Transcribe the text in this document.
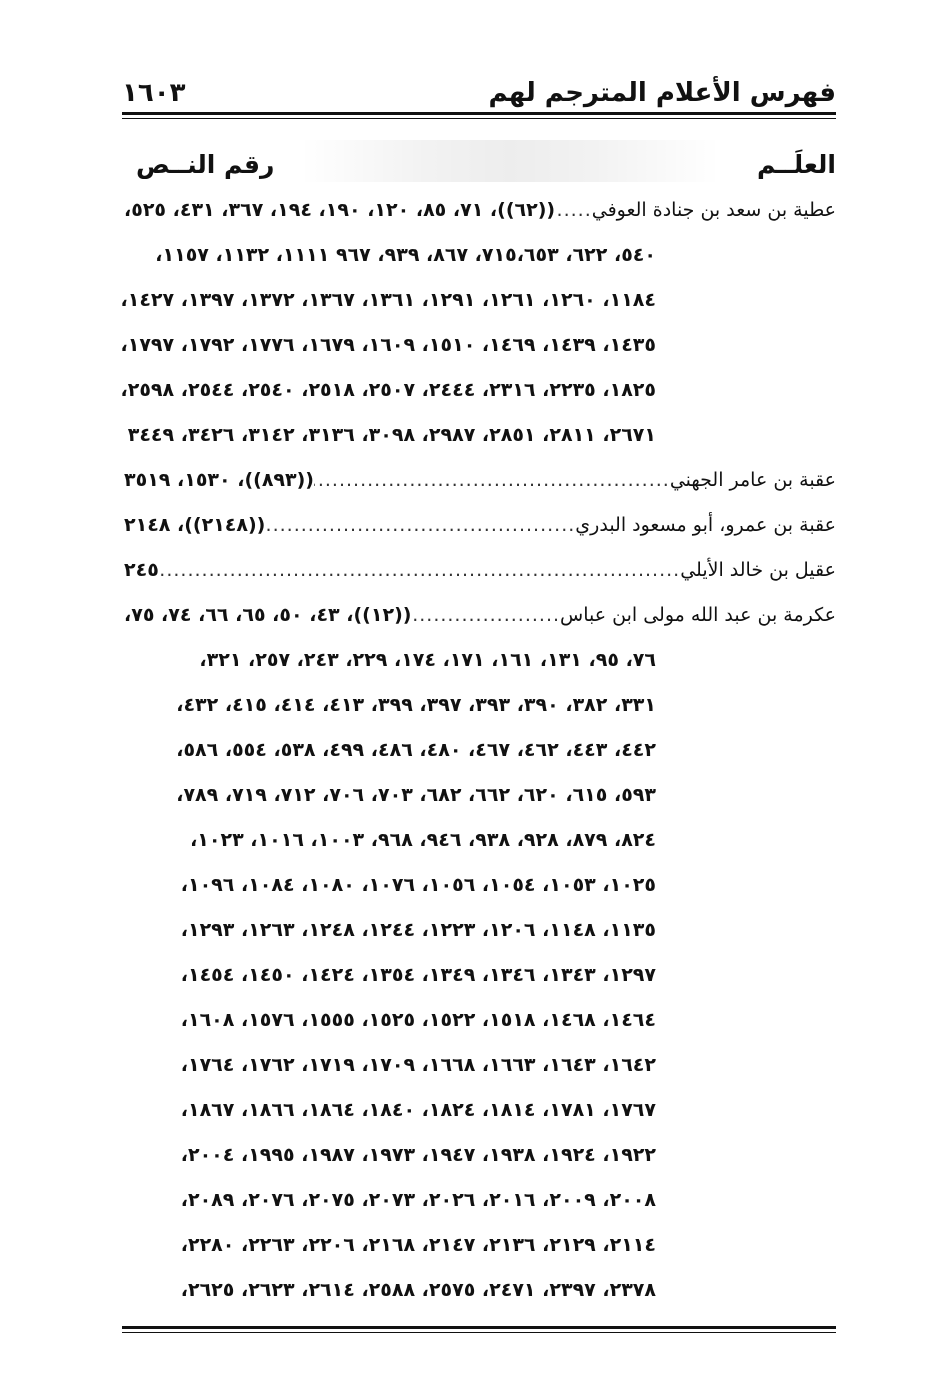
فهرس الأعلام المترجم لهم
١٦٠٣
العلَــم
رقم النــص
عطية بن سعد بن جنادة العوفي
.....
((٦٢))، ٧١، ٨٥، ١٢٠، ١٩٠، ١٩٤، ٣٦٧، ٤٣١، ٥٢٥،
٥٤٠، ٦٢٢، ٧١٥،٦٥٣، ٨٦٧، ٩٣٩، ٩٦٧ ١١١١، ١١٣٢، ١١٥٧،
١١٨٤، ١٢٦٠، ١٢٦١، ١٢٩١، ١٣٦١، ١٣٦٧، ١٣٧٢، ١٣٩٧، ١٤٢٧،
١٤٣٥، ١٤٣٩، ١٤٦٩، ١٥١٠، ١٦٠٩، ١٦٧٩، ١٧٧٦، ١٧٩٢، ١٧٩٧،
١٨٢٥، ٢٢٣٥، ٢٣١٦، ٢٤٤٤، ٢٥٠٧، ٢٥١٨، ٢٥٤٠، ٢٥٤٤، ٢٥٩٨،
٢٦٧١، ٢٨١١، ٢٨٥١، ٢٩٨٧، ٣٠٩٨، ٣١٣٦، ٣١٤٢، ٣٤٢٦، ٣٤٤٩
عقبة بن عامر الجهني
.....
((٨٩٣))، ١٥٣٠، ٣٥١٩
عقبة بن عمرو، أبو مسعود البدري
.....
((٢١٤٨))، ٢١٤٨
عقيل بن خالد الأيلي
.....
٢٤٥
عكرمة بن عبد الله مولى ابن عباس
.....
((١٢))، ٤٣، ٥٠، ٦٥، ٦٦، ٧٤، ٧٥،
٧٦، ٩٥، ١٣١، ١٦١، ١٧١، ١٧٤، ٢٢٩، ٢٤٣، ٢٥٧، ٣٢١،
٣٣١، ٣٨٢، ٣٩٠، ٣٩٣، ٣٩٧، ٣٩٩، ٤١٣، ٤١٤، ٤١٥، ٤٣٢،
٤٤٢، ٤٤٣، ٤٦٢، ٤٦٧، ٤٨٠، ٤٨٦، ٤٩٩، ٥٣٨، ٥٥٤، ٥٨٦،
٥٩٣، ٦١٥، ٦٢٠، ٦٦٢، ٦٨٢، ٧٠٣، ٧٠٦، ٧١٢، ٧١٩، ٧٨٩،
٨٢٤، ٨٧٩، ٩٢٨، ٩٣٨، ٩٤٦، ٩٦٨، ١٠٠٣، ١٠١٦، ١٠٢٣،
١٠٢٥، ١٠٥٣، ١٠٥٤، ١٠٥٦، ١٠٧٦، ١٠٨٠، ١٠٨٤، ١٠٩٦،
١١٣٥، ١١٤٨، ١٢٠٦، ١٢٢٣، ١٢٤٤، ١٢٤٨، ١٢٦٣، ١٢٩٣،
١٢٩٧، ١٣٤٣، ١٣٤٦، ١٣٤٩، ١٣٥٤، ١٤٢٤، ١٤٥٠، ١٤٥٤،
١٤٦٤، ١٤٦٨، ١٥١٨، ١٥٢٢، ١٥٢٥، ١٥٥٥، ١٥٧٦، ١٦٠٨،
١٦٤٢، ١٦٤٣، ١٦٦٣، ١٦٦٨، ١٧٠٩، ١٧١٩، ١٧٦٢، ١٧٦٤،
١٧٦٧، ١٧٨١، ١٨١٤، ١٨٢٤، ١٨٤٠، ١٨٦٤، ١٨٦٦، ١٨٦٧،
١٩٢٢، ١٩٢٤، ١٩٣٨، ١٩٤٧، ١٩٧٣، ١٩٨٧، ١٩٩٥، ٢٠٠٤،
٢٠٠٨، ٢٠٠٩، ٢٠١٦، ٢٠٢٦، ٢٠٧٣، ٢٠٧٥، ٢٠٧٦، ٢٠٨٩،
٢١١٤، ٢١٢٩، ٢١٣٦، ٢١٤٧، ٢١٦٨، ٢٢٠٦، ٢٢٦٣، ٢٢٨٠،
٢٣٧٨، ٢٣٩٧، ٢٤٧١، ٢٥٧٥، ٢٥٨٨، ٢٦١٤، ٢٦٢٣، ٢٦٢٥،
